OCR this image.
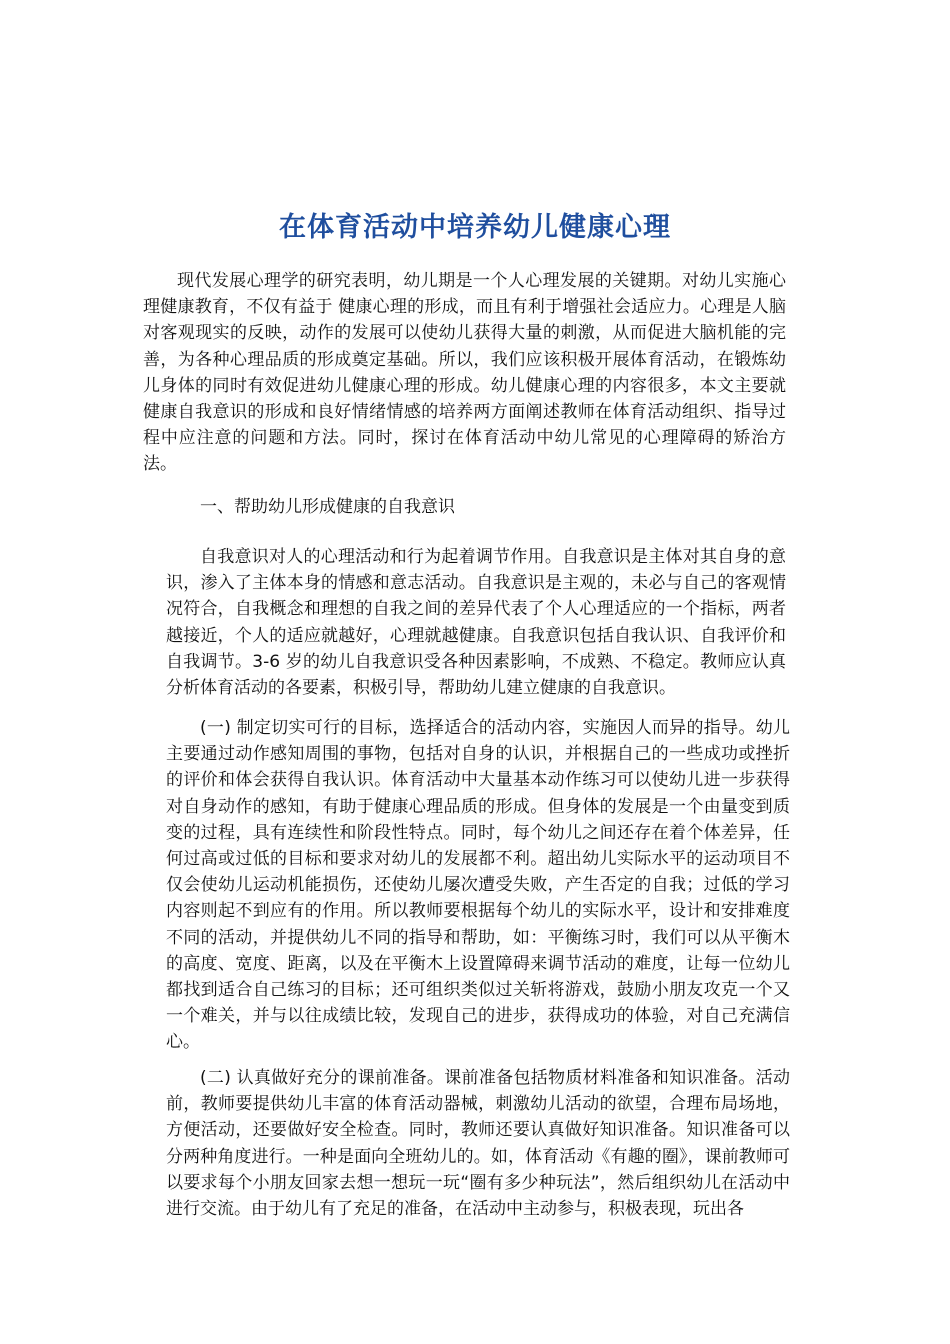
在体育活动中培养幼儿健康心理

现代发展心理学的研究表明，幼儿期是一个人心理发展的关键期。对幼儿实施心理健康教育，不仅有益于 健康心理的形成，而且有利于增强社会适应力。心理是人脑对客观现实的反映，动作的发展可以使幼儿获得大量的刺激，从而促进大脑机能的完善，为各种心理品质的形成奠定基础。所以，我们应该积极开展体育活动，在锻炼幼儿身体的同时有效促进幼儿健康心理的形成。幼儿健康心理的内容很多，本文主要就健康自我意识的形成和良好情绪情感的培养两方面阐述教师在体育活动组织、指导过程中应注意的问题和方法。同时，探讨在体育活动中幼儿常见的心理障碍的矫治方法。

一、帮助幼儿形成健康的自我意识

自我意识对人的心理活动和行为起着调节作用。自我意识是主体对其自身的意识，渗入了主体本身的情感和意志活动。自我意识是主观的，未必与自己的客观情况符合，自我概念和理想的自我之间的差异代表了个人心理适应的一个指标，两者越接近，个人的适应就越好，心理就越健康。自我意识包括自我认识、自我评价和自我调节。3-6 岁的幼儿自我意识受各种因素影响，不成熟、不稳定。教师应认真分析体育活动的各要素，积极引导，帮助幼儿建立健康的自我意识。

(一) 制定切实可行的目标，选择适合的活动内容，实施因人而异的指导。幼儿主要通过动作感知周围的事物，包括对自身的认识，并根据自己的一些成功或挫折的评价和体会获得自我认识。体育活动中大量基本动作练习可以使幼儿进一步获得对自身动作的感知，有助于健康心理品质的形成。但身体的发展是一个由量变到质变的过程，具有连续性和阶段性特点。同时，每个幼儿之间还存在着个体差异，任何过高或过低的目标和要求对幼儿的发展都不利。超出幼儿实际水平的运动项目不仅会使幼儿运动机能损伤，还使幼儿屡次遭受失败，产生否定的自我；过低的学习内容则起不到应有的作用。所以教师要根据每个幼儿的实际水平，设计和安排难度不同的活动，并提供幼儿不同的指导和帮助，如：平衡练习时，我们可以从平衡木的高度、宽度、距离，以及在平衡木上设置障碍来调节活动的难度，让每一位幼儿都找到适合自己练习的目标；还可组织类似过关斩将游戏，鼓励小朋友攻克一个又一个难关，并与以往成绩比较，发现自己的进步，获得成功的体验，对自己充满信心。

(二) 认真做好充分的课前准备。课前准备包括物质材料准备和知识准备。活动前，教师要提供幼儿丰富的体育活动器械，刺激幼儿活动的欲望，合理布局场地，方便活动，还要做好安全检查。同时，教师还要认真做好知识准备。知识准备可以分两种角度进行。一种是面向全班幼儿的。如，体育活动《有趣的圈》，课前教师可以要求每个小朋友回家去想一想玩一玩“圈有多少种玩法”，然后组织幼儿在活动中进行交流。由于幼儿有了充足的准备，在活动中主动参与，积极表现，玩出各
